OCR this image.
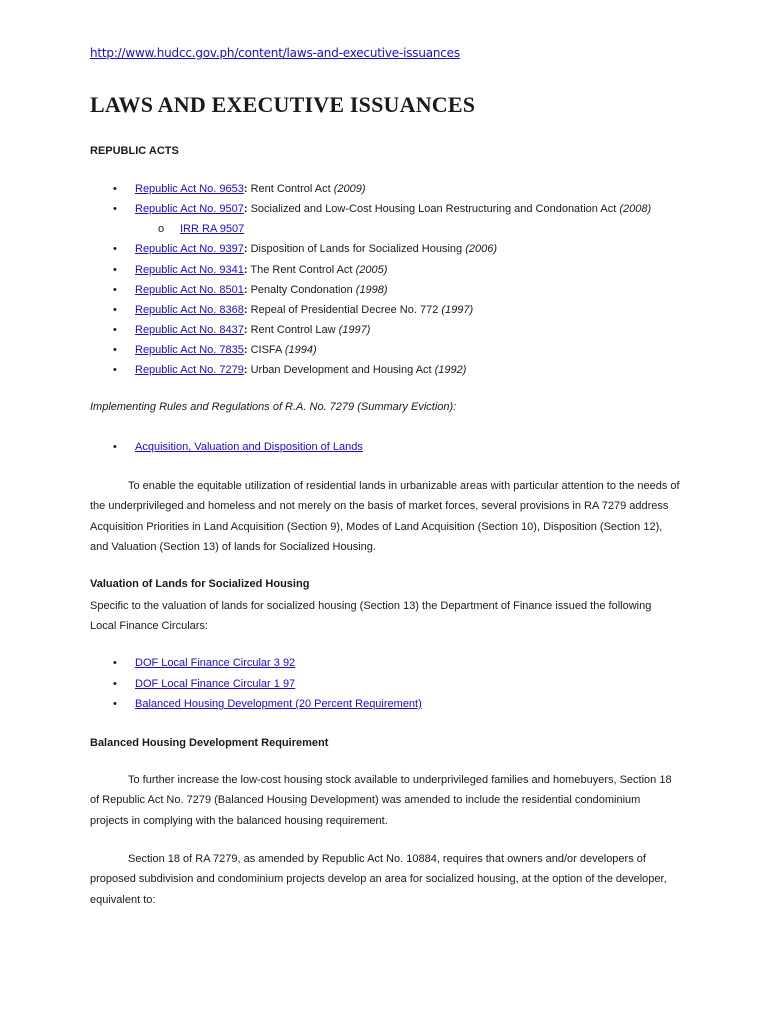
http://www.hudcc.gov.ph/content/laws-and-executive-issuances
LAWS AND EXECUTIVE ISSUANCES
REPUBLIC ACTS
• Republic Act No. 9653: Rent Control Act (2009)
• Republic Act No. 9507: Socialized and Low-Cost Housing Loan Restructuring and Condonation Act (2008)
o IRR RA 9507
• Republic Act No. 9397: Disposition of Lands for Socialized Housing (2006)
• Republic Act No. 9341: The Rent Control Act (2005)
• Republic Act No. 8501: Penalty Condonation (1998)
• Republic Act No. 8368: Repeal of Presidential Decree No. 772 (1997)
• Republic Act No. 8437: Rent Control Law (1997)
• Republic Act No. 7835: CISFA (1994)
• Republic Act No. 7279: Urban Development and Housing Act (1992)
Implementing Rules and Regulations of R.A. No. 7279 (Summary Eviction):
• Acquisition, Valuation and Disposition of Lands

To enable the equitable utilization of residential lands in urbanizable areas with particular attention to the needs of the underprivileged and homeless and not merely on the basis of market forces, several provisions in RA 7279 address Acquisition Priorities in Land Acquisition (Section 9), Modes of Land Acquisition (Section 10), Disposition (Section 12), and Valuation (Section 13) of lands for Socialized Housing.

Valuation of Lands for Socialized Housing

Specific to the valuation of lands for socialized housing (Section 13) the Department of Finance issued the following Local Finance Circulars:

• DOF Local Finance Circular 3 92
• DOF Local Finance Circular 1 97
• Balanced Housing Development (20 Percent Requirement)
Balanced Housing Development Requirement

To further increase the low-cost housing stock available to underprivileged families and homebuyers, Section 18 of Republic Act No. 7279 (Balanced Housing Development) was amended to include the residential condominium projects in complying with the balanced housing requirement.

Section 18 of RA 7279, as amended by Republic Act No. 10884, requires that owners and/or developers of proposed subdivision and condominium projects develop an area for socialized housing, at the option of the developer, equivalent to:
